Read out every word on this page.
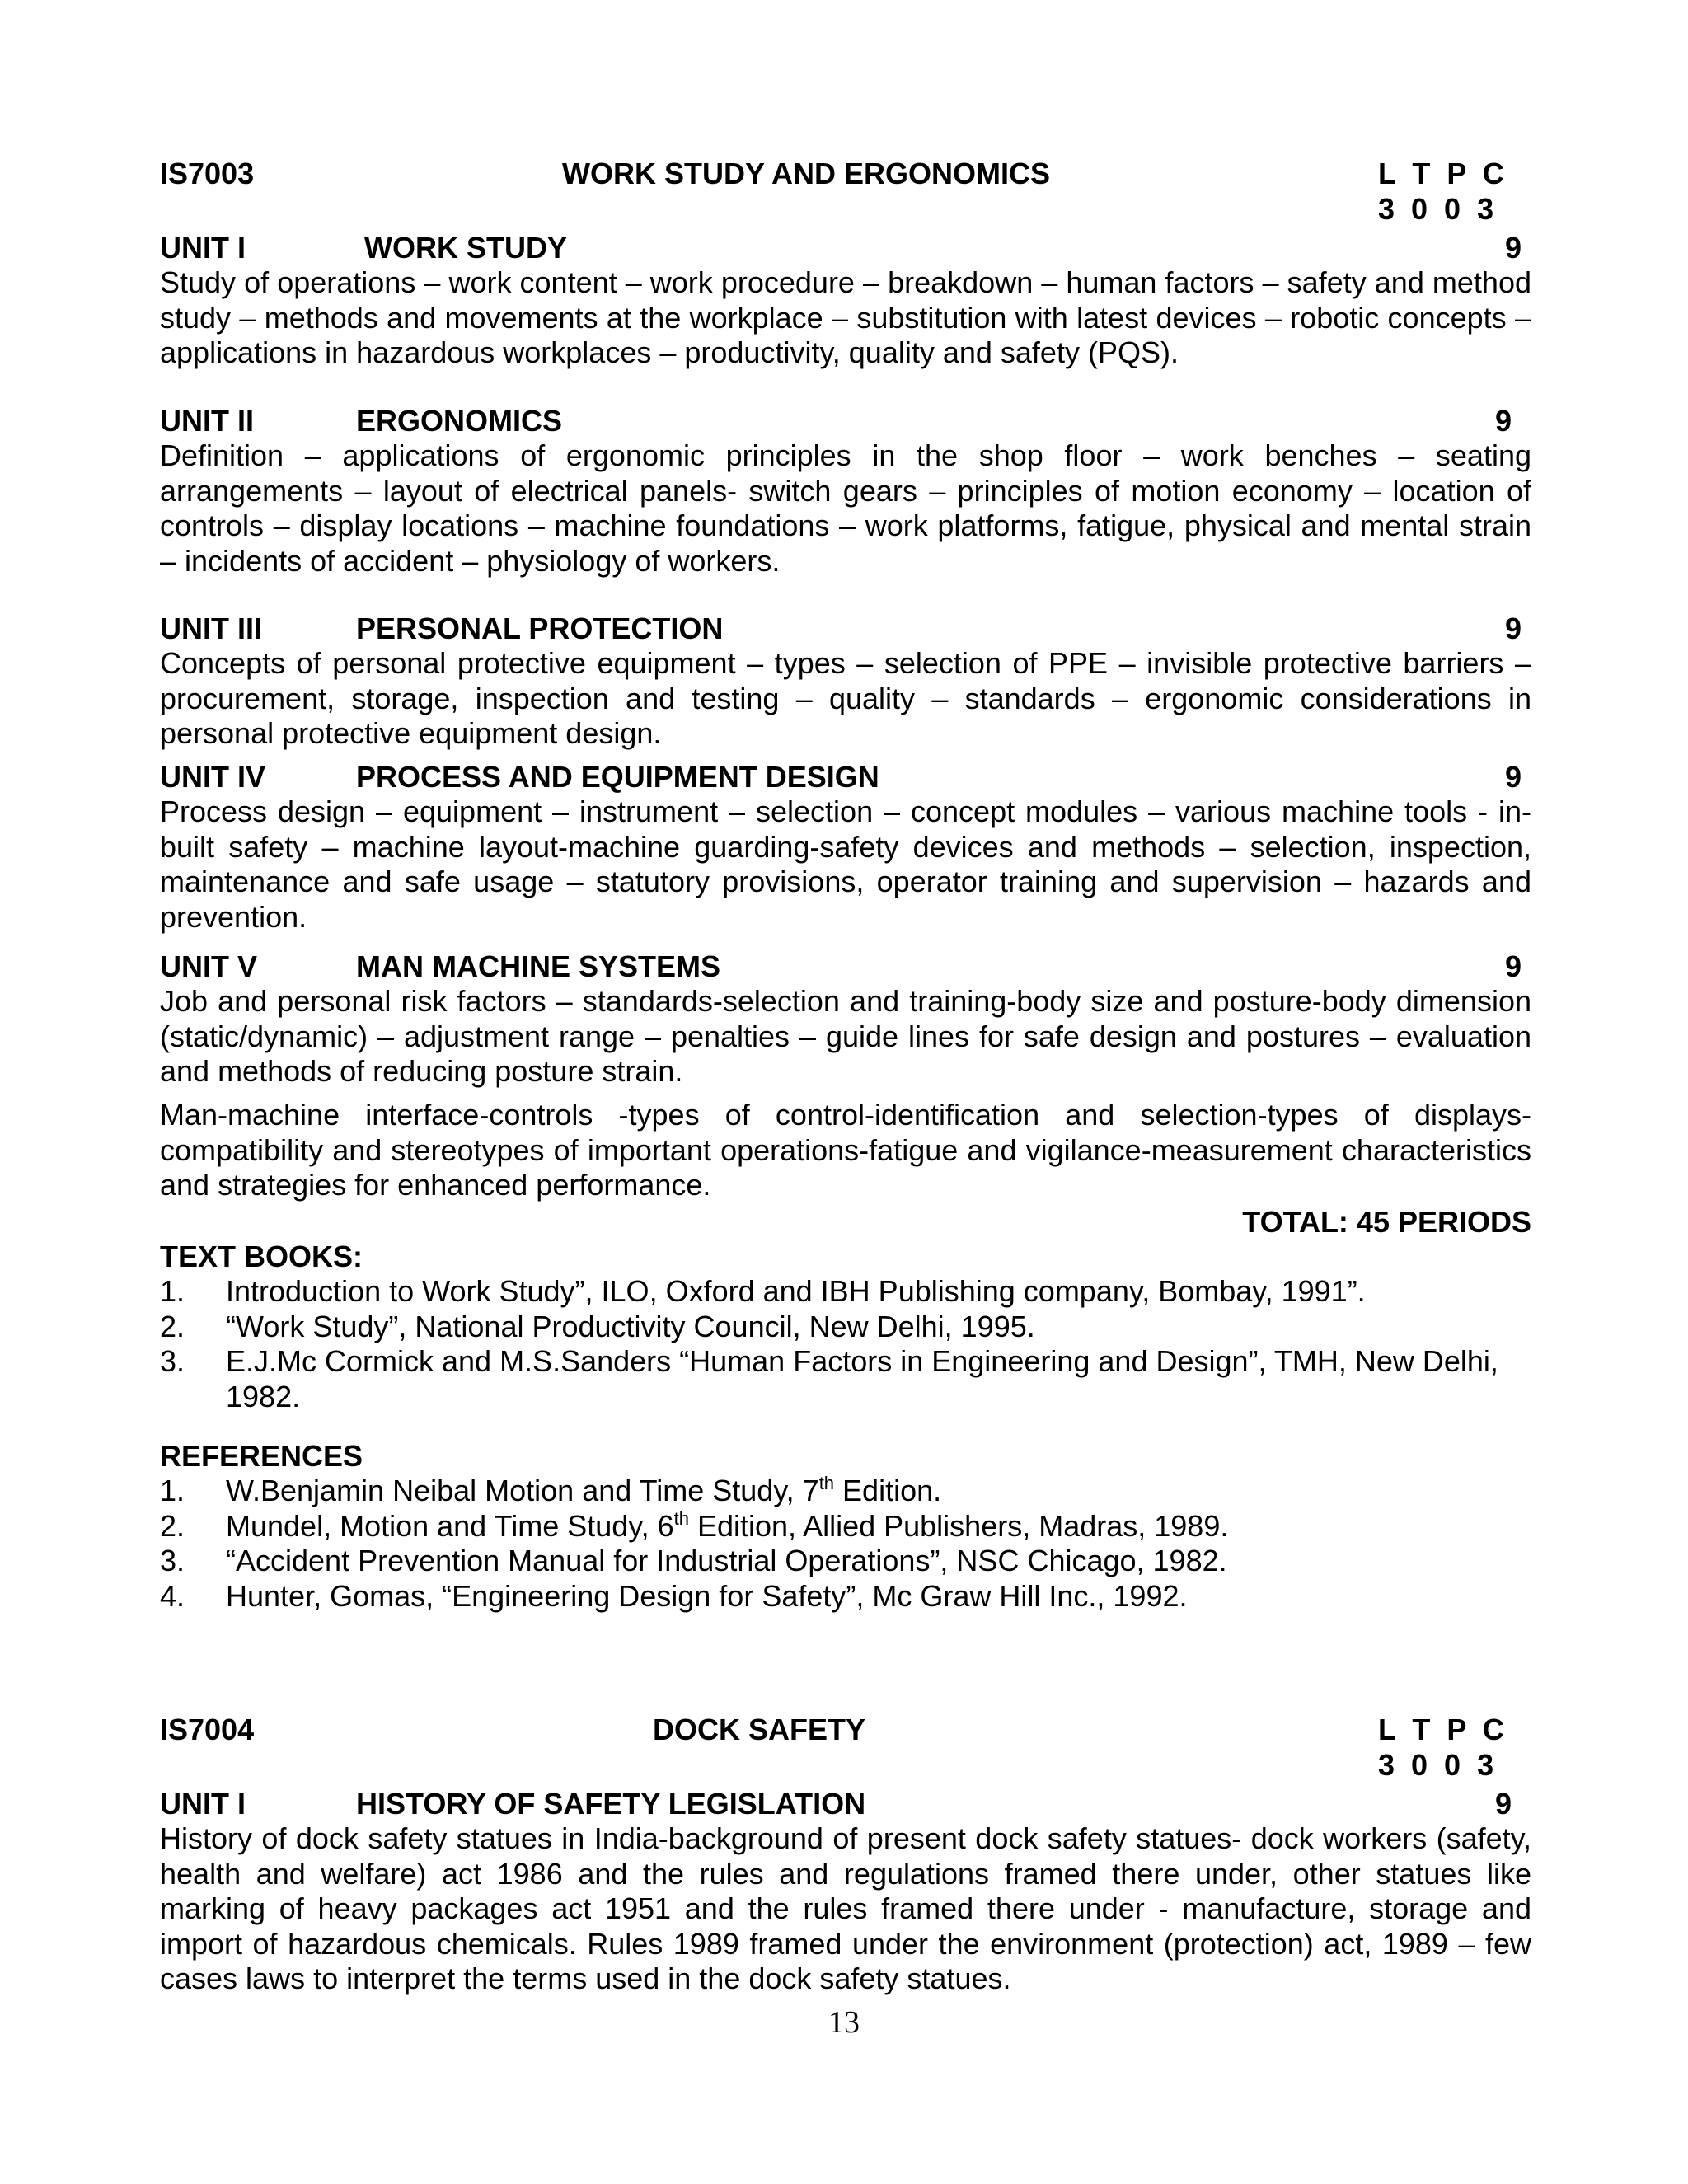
IS7003	WORK STUDY AND ERGONOMICS	L  T  P  C
3  0  0  3
UNIT I	WORK STUDY	9

Study of operations – work content – work procedure – breakdown – human factors – safety and method study – methods and movements at the workplace – substitution with latest devices – robotic concepts – applications in hazardous workplaces – productivity, quality and safety (PQS).

UNIT II	ERGONOMICS	9

Definition – applications of ergonomic principles in the shop floor – work benches – seating arrangements – layout of electrical panels- switch gears – principles of motion economy – location of controls – display locations – machine foundations – work platforms, fatigue, physical and mental strain – incidents of accident – physiology of workers.

UNIT III	PERSONAL PROTECTION	9

Concepts of personal protective equipment – types – selection of PPE – invisible protective barriers – procurement, storage, inspection and testing – quality – standards – ergonomic considerations in personal protective equipment design.

UNIT IV	PROCESS AND EQUIPMENT DESIGN	9

Process design – equipment – instrument – selection – concept modules – various machine tools - in-built safety – machine layout-machine guarding-safety devices and methods – selection, inspection, maintenance and safe usage – statutory provisions, operator training and supervision – hazards and prevention.

UNIT V	MAN MACHINE SYSTEMS	9

Job and personal risk factors – standards-selection and training-body size and posture-body dimension (static/dynamic) – adjustment range – penalties – guide lines for safe design and postures – evaluation and methods of reducing posture strain.

Man-machine interface-controls -types of control-identification and selection-types of displays-compatibility and stereotypes of important operations-fatigue and vigilance-measurement characteristics and strategies for enhanced performance.

TOTAL: 45 PERIODS
TEXT BOOKS:
1. Introduction to Work Study”, ILO, Oxford and IBH Publishing company, Bombay, 1991”.
2. “Work Study”, National Productivity Council, New Delhi, 1995.
3. E.J.Mc Cormick and M.S.Sanders “Human Factors in Engineering and Design”, TMH, New Delhi, 1982.
REFERENCES
1. W.Benjamin Neibal Motion and Time Study, 7th Edition.
2. Mundel, Motion and Time Study, 6th Edition, Allied Publishers, Madras, 1989.
3. “Accident Prevention Manual for Industrial Operations”, NSC Chicago, 1982.
4. Hunter, Gomas, “Engineering Design for Safety”, Mc Graw Hill Inc., 1992.
IS7004	DOCK SAFETY	L  T  P  C
3  0  0  3
UNIT I	HISTORY OF SAFETY LEGISLATION	9

History of dock safety statues in India-background of present dock safety statues- dock workers (safety, health and welfare) act 1986 and the rules and regulations framed there under, other statues like marking of heavy packages act 1951 and the rules framed there under - manufacture, storage and import of hazardous chemicals. Rules 1989 framed under the environment (protection) act, 1989 – few cases laws to interpret the terms used in the dock safety statues.

13
